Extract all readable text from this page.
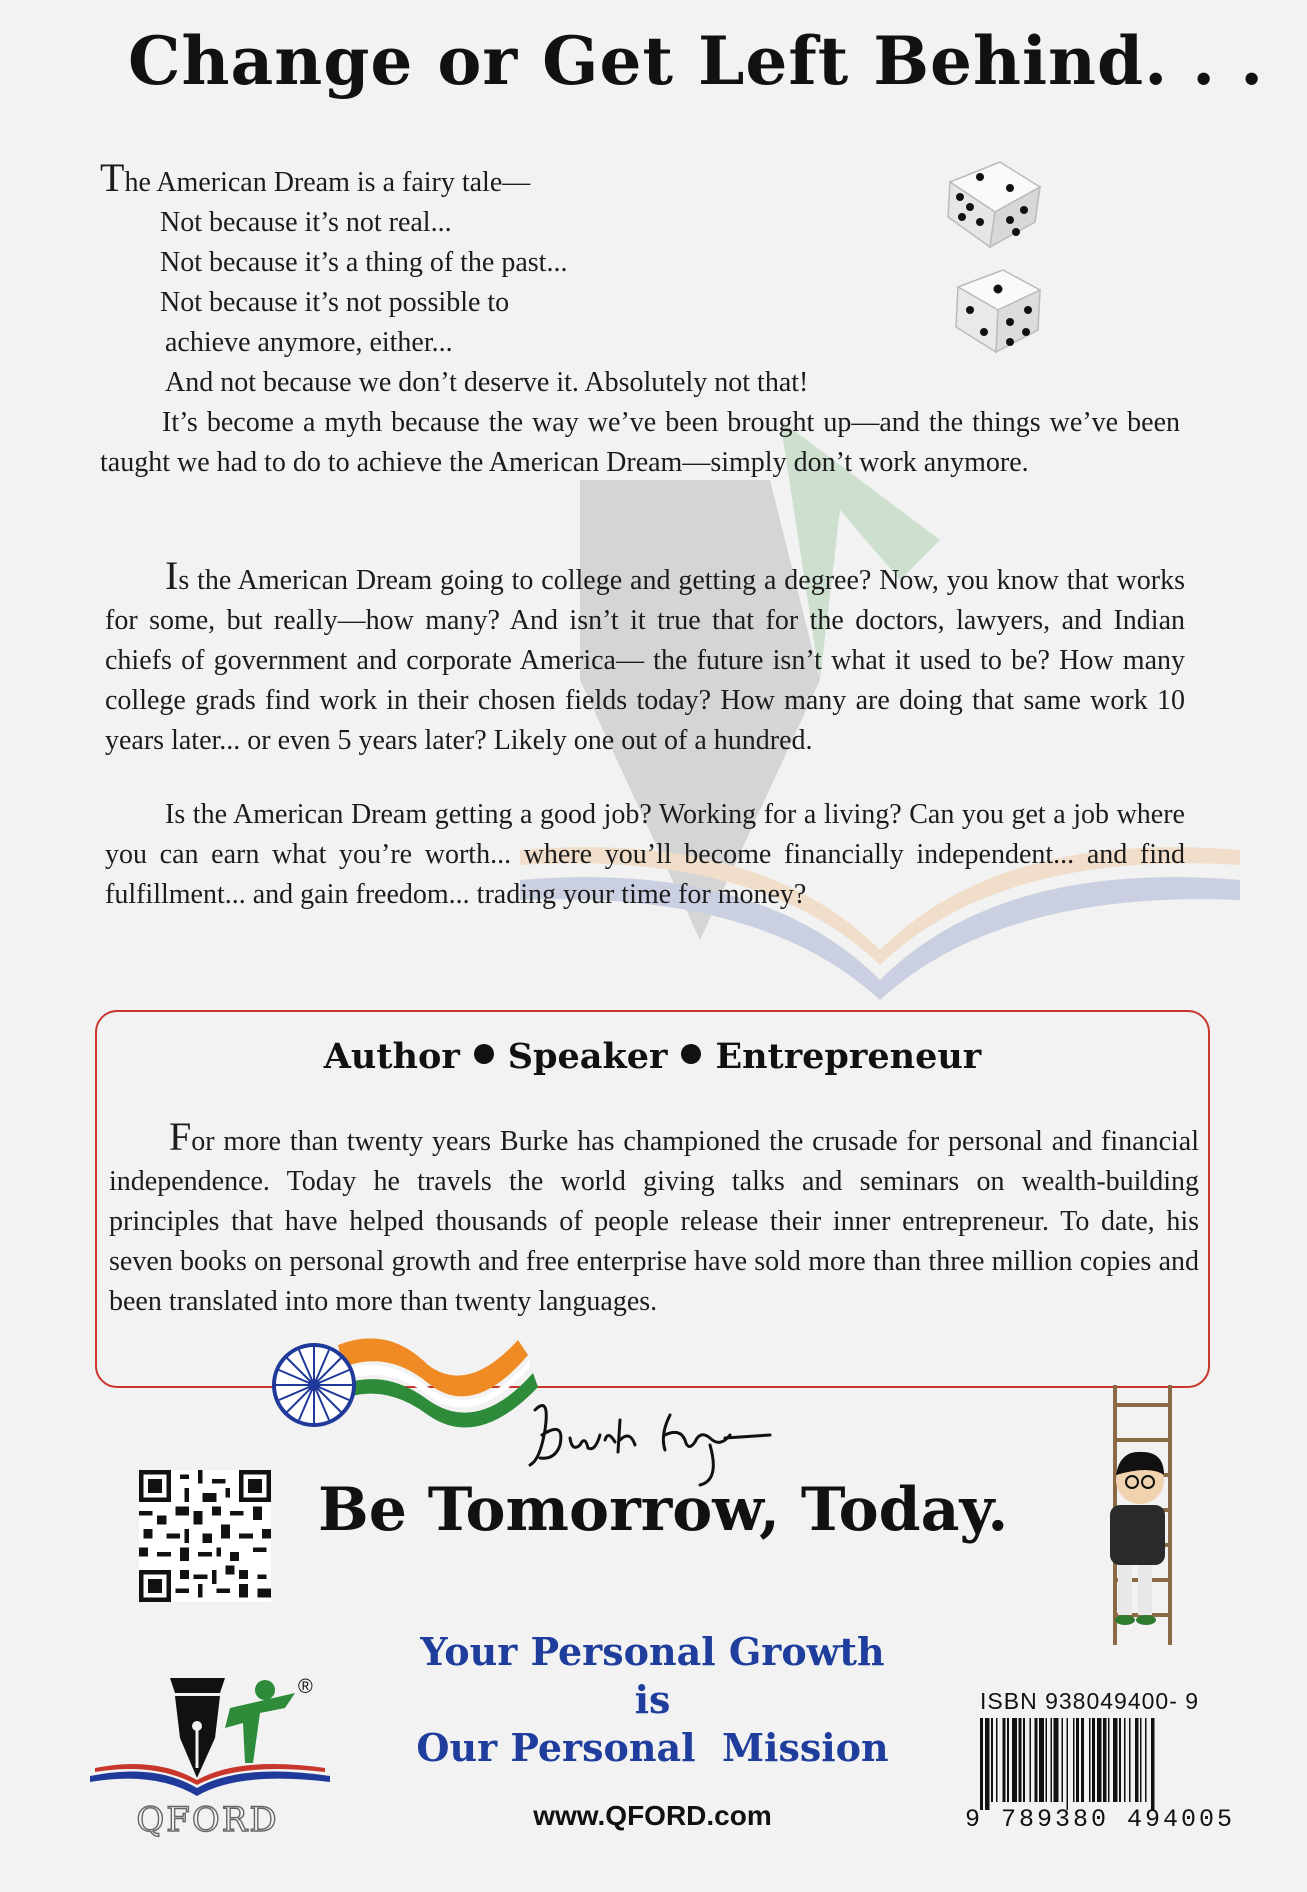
Change or Get Left Behind. . .
The American Dream is a fairy tale—
Not because it’s not real...
Not because it’s a thing of the past...
Not because it’s not possible to
achieve anymore, either...
And not because we don’t deserve it. Absolutely not that!
It’s become a myth because the way we’ve been brought up—and the things we’ve been taught we had to do to achieve the American Dream—simply don’t work anymore.
Is the American Dream going to college and getting a degree? Now, you know that works for some, but really—how many? And isn’t it true that for the doctors, lawyers, and Indian chiefs of government and corporate America— the future isn’t what it used to be? How many college grads find work in their chosen fields today? How many are doing that same work 10 years later... or even 5 years later? Likely one out of a hundred.
Is the American Dream getting a good job? Working for a living? Can you get a job where you can earn what you’re worth... where you’ll become financially independent... and find fulfillment... and gain freedom... trading your time for money?
Author Speaker Entrepreneur
For more than twenty years Burke has championed the crusade for personal and financial independence. Today he travels the world giving talks and seminars on wealth-building principles that have helped thousands of people release their inner entrepreneur. To date, his seven books on personal growth and free enterprise have sold more than three million copies and been translated into more than twenty languages.
Be Tomorrow, Today.
®
QFORD
Your Personal Growth
is
Our Personal  Mission
www.QFORD.com
ISBN 938049400- 9
9 789380 494005
